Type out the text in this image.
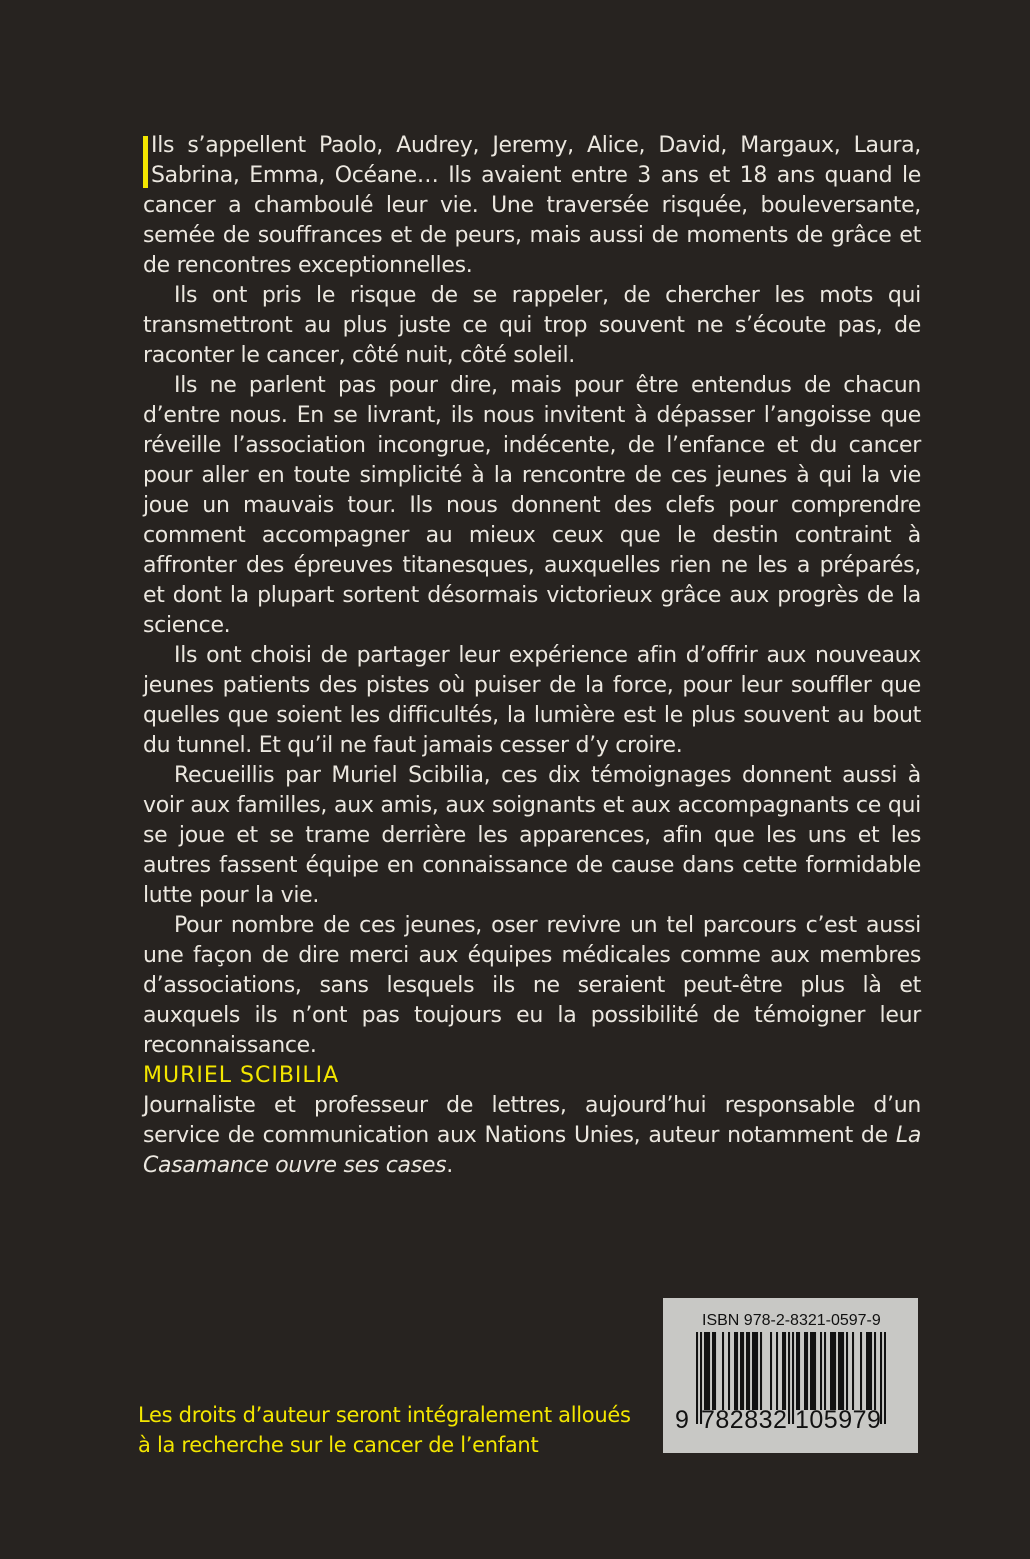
Ils s’appellent Paolo, Audrey, Jeremy, Alice, David, Margaux, Laura, Sabrina, Emma, Océane… Ils avaient entre 3 ans et 18 ans quand le cancer a chamboulé leur vie. Une traversée risquée, bouleversante, semée de souffrances et de peurs, mais aussi de moments de grâce et de rencontres exceptionnelles.

Ils ont pris le risque de se rappeler, de chercher les mots qui transmettront au plus juste ce qui trop souvent ne s’écoute pas, de raconter le cancer, côté nuit, côté soleil.

Ils ne parlent pas pour dire, mais pour être entendus de chacun d’entre nous. En se livrant, ils nous invitent à dépasser l’angoisse que réveille l’association incongrue, indécente, de l’enfance et du cancer pour aller en toute simplicité à la rencontre de ces jeunes à qui la vie joue un mauvais tour. Ils nous donnent des clefs pour comprendre comment accompagner au mieux ceux que le destin contraint à affronter des épreuves titanesques, auxquelles rien ne les a préparés, et dont la plupart sortent désormais victorieux grâce aux progrès de la science.

Ils ont choisi de partager leur expérience afin d’offrir aux nouveaux jeunes patients des pistes où puiser de la force, pour leur souffler que quelles que soient les difficultés, la lumière est le plus souvent au bout du tunnel. Et qu’il ne faut jamais cesser d’y croire.

Recueillis par Muriel Scibilia, ces dix témoignages donnent aussi à voir aux familles, aux amis, aux soignants et aux accompagnants ce qui se joue et se trame derrière les apparences, afin que les uns et les autres fassent équipe en connaissance de cause dans cette formidable lutte pour la vie.

Pour nombre de ces jeunes, oser revivre un tel parcours c’est aussi une façon de dire merci aux équipes médicales comme aux membres d’associations, sans lesquels ils ne seraient peut-être plus là et auxquels ils n’ont pas toujours eu la possibilité de témoigner leur reconnaissance.

MURIEL SCIBILIA
Journaliste et professeur de lettres, aujourd’hui responsable d’un service de communication aux Nations Unies, auteur notamment de La Casamance ouvre ses cases.
Les droits d’auteur seront intégralement alloués
à la recherche sur le cancer de l’enfant
ISBN 978-2-8321-0597-9
9 782832 105979
